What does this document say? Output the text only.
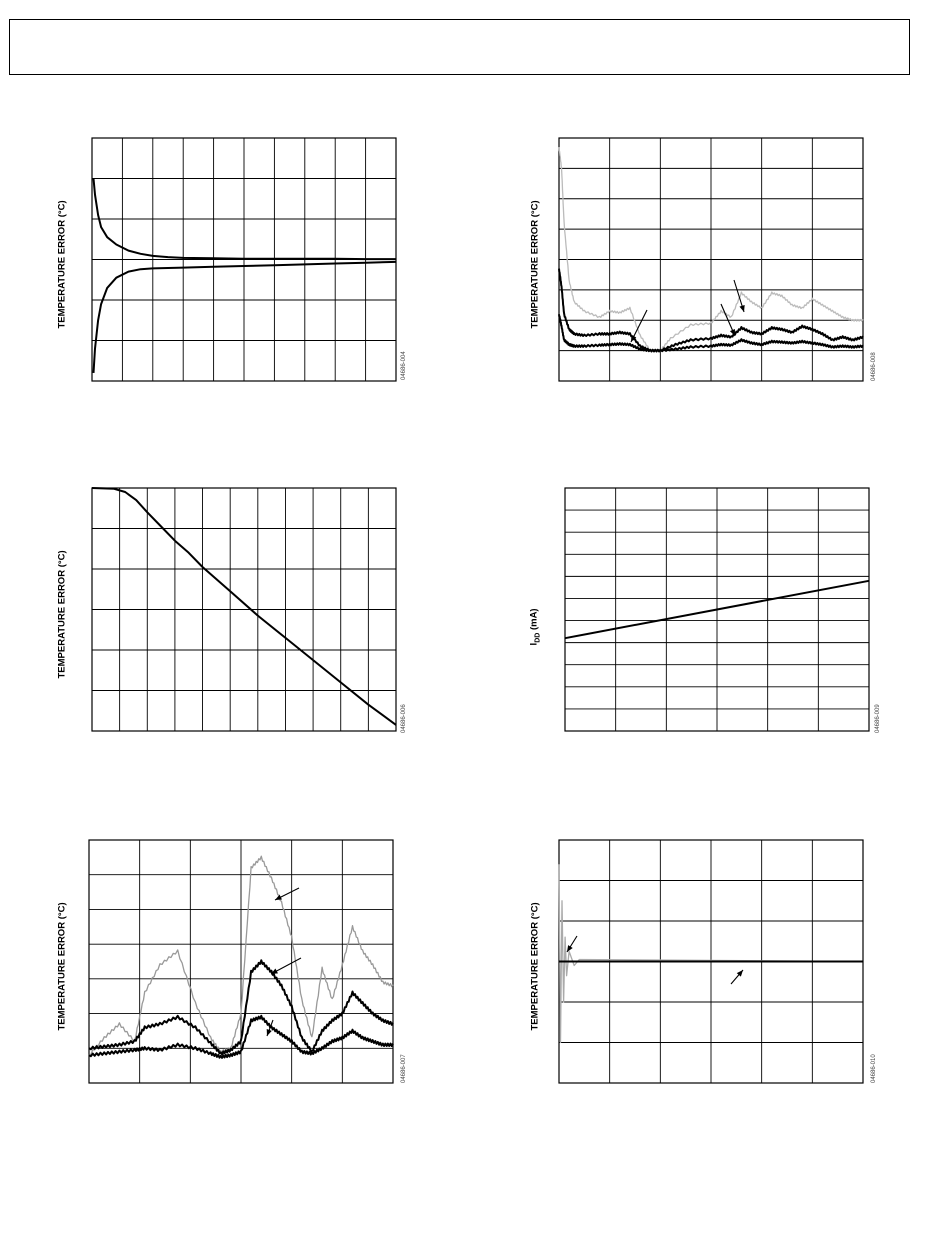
TEMPERATURE ERROR (°C)
04686-004
TEMPERATURE ERROR (°C)
04686-008
TEMPERATURE ERROR (°C)
04686-006
$I_{DD}$ (mA)
04686-009
TEMPERATURE ERROR (°C)
04686-007
TEMPERATURE ERROR (°C)
04686-010
